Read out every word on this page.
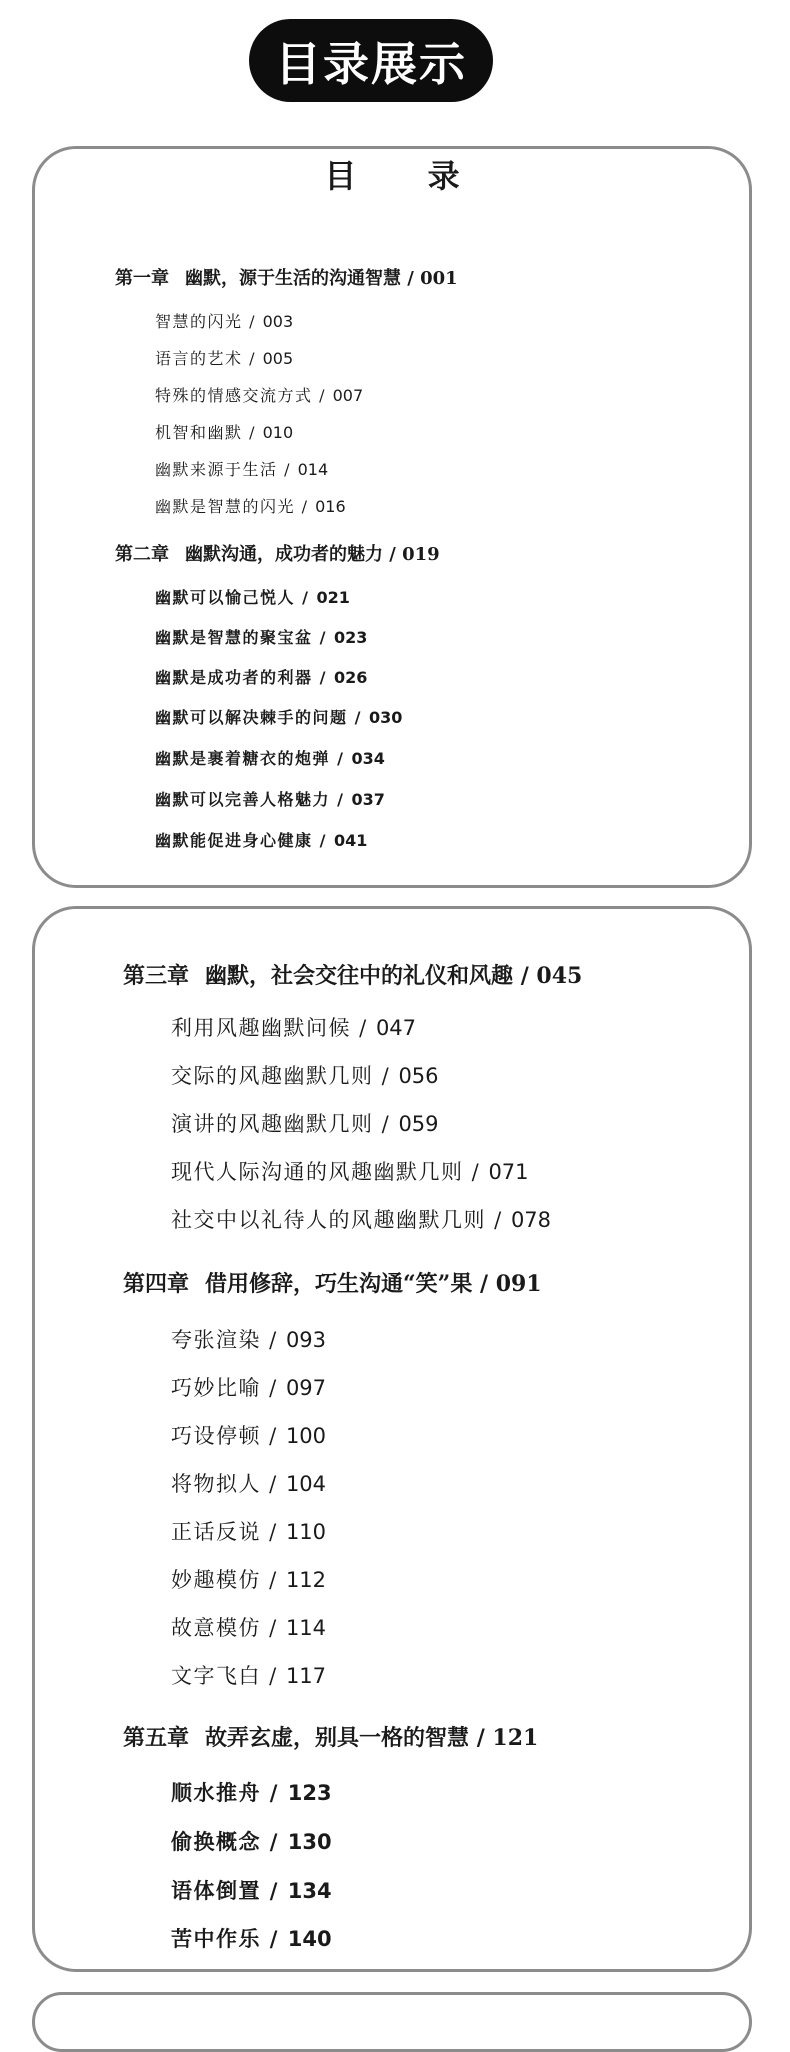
目录展示
目 录
第一章 幽默，源于生活的沟通智慧 / 001
智慧的闪光 / 003
语言的艺术 / 005
特殊的情感交流方式 / 007
机智和幽默 / 010
幽默来源于生活 / 014
幽默是智慧的闪光 / 016
第二章 幽默沟通，成功者的魅力 / 019
幽默可以愉己悦人 / 021
幽默是智慧的聚宝盆 / 023
幽默是成功者的利器 / 026
幽默可以解决棘手的问题 / 030
幽默是裹着糖衣的炮弹 / 034
幽默可以完善人格魅力 / 037
幽默能促进身心健康 / 041
第三章 幽默，社会交往中的礼仪和风趣 / 045
利用风趣幽默问候 / 047
交际的风趣幽默几则 / 056
演讲的风趣幽默几则 / 059
现代人际沟通的风趣幽默几则 / 071
社交中以礼待人的风趣幽默几则 / 078
第四章 借用修辞，巧生沟通“笑”果 / 091
夸张渲染 / 093
巧妙比喻 / 097
巧设停顿 / 100
将物拟人 / 104
正话反说 / 110
妙趣模仿 / 112
故意模仿 / 114
文字飞白 / 117
第五章 故弄玄虚，别具一格的智慧 / 121
顺水推舟 / 123
偷换概念 / 130
语体倒置 / 134
苦中作乐 / 140
